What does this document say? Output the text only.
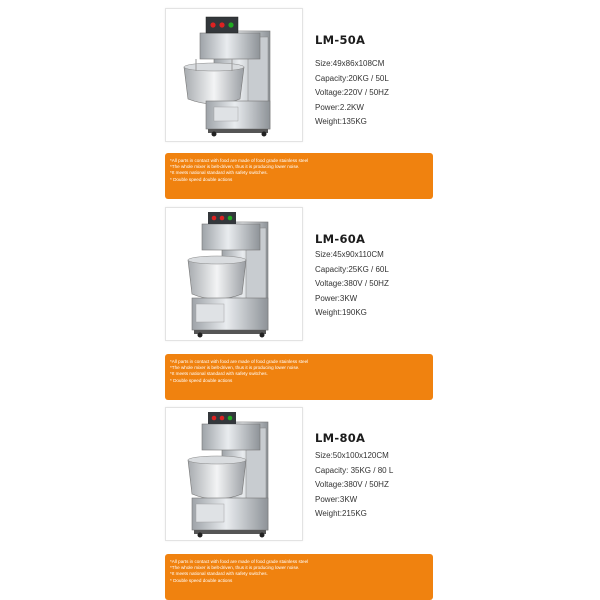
LM-50A
Size:49x86x108CM
Capacity:20KG / 50L
Voltage:220V / 50HZ
Power:2.2KW
Weight:135KG
*All parts in contact with food are made of food grade stainless steel
*The whole mixer is belt-driven, thus it is producing lower noise.
*It meets national standard with safety switches.
* Double speed double actions
LM-60A
Size:45x90x110CM
Capacity:25KG / 60L
Voltage:380V / 50HZ
Power:3KW
Weight:190KG
*All parts in contact with food are made of food grade stainless steel
*The whole mixer is belt-driven, thus it is producing lower noise.
*It meets national standard with safety switches.
* Double speed double actions
LM-80A
Size:50x100x120CM
Capacity: 35KG / 80 L
Voltage:380V / 50HZ
Power:3KW
Weight:215KG
*All parts in contact with food are made of food grade stainless steel
*The whole mixer is belt-driven, thus it is producing lower noise.
*It meets national standard with safety switches.
* Double speed double actions
